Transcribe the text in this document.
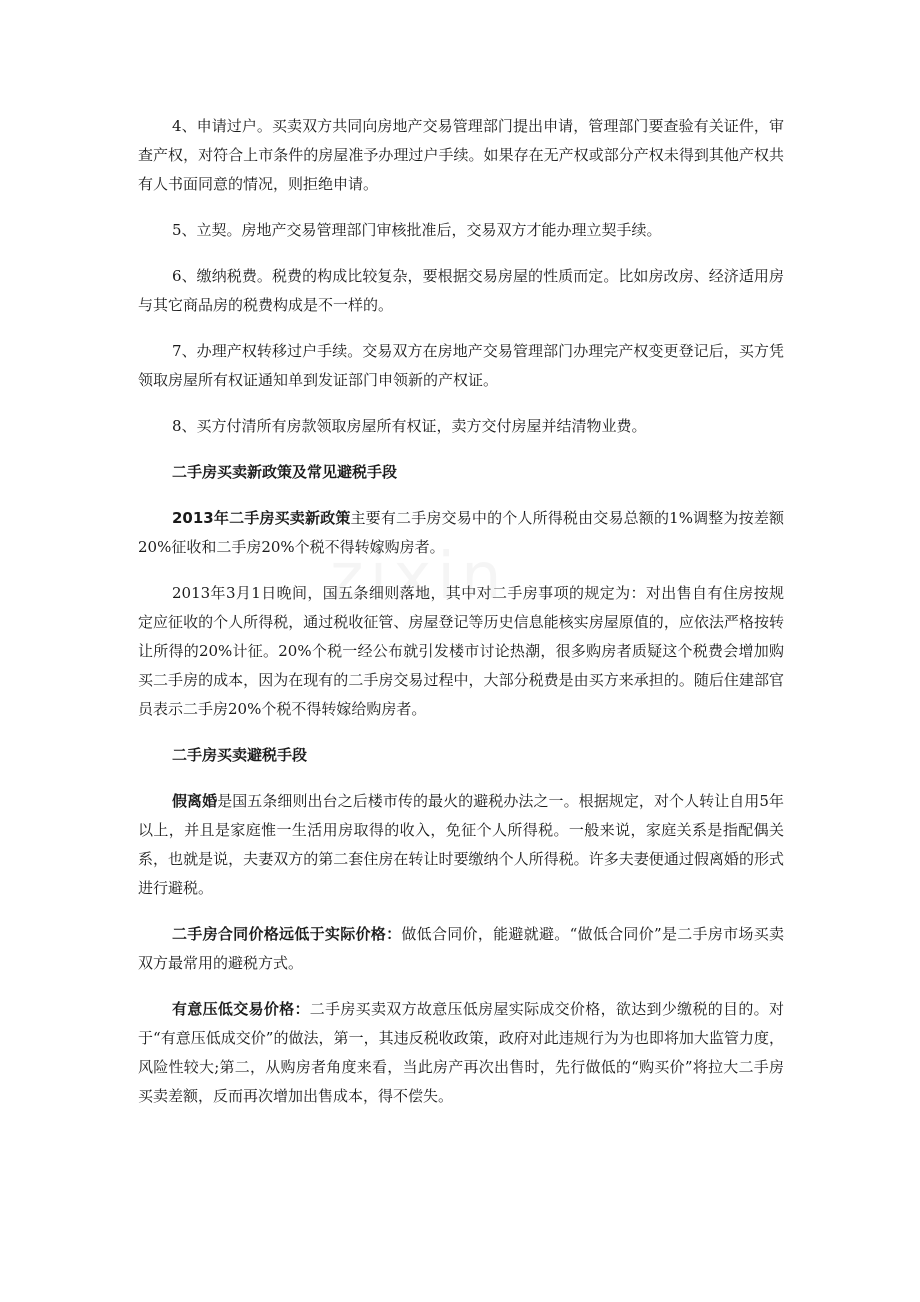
4、申请过户。买卖双方共同向房地产交易管理部门提出申请，管理部门要查验有关证件，审查产权，对符合上市条件的房屋准予办理过户手续。如果存在无产权或部分产权未得到其他产权共有人书面同意的情况，则拒绝申请。

5、立契。房地产交易管理部门审核批准后，交易双方才能办理立契手续。

6、缴纳税费。税费的构成比较复杂，要根据交易房屋的性质而定。比如房改房、经济适用房与其它商品房的税费构成是不一样的。

7、办理产权转移过户手续。交易双方在房地产交易管理部门办理完产权变更登记后，买方凭领取房屋所有权证通知单到发证部门申领新的产权证。

8、买方付清所有房款领取房屋所有权证，卖方交付房屋并结清物业费。

二手房买卖新政策及常见避税手段

2013年二手房买卖新政策主要有二手房交易中的个人所得税由交易总额的1%调整为按差额20%征收和二手房20%个税不得转嫁购房者。

2013年3月1日晚间，国五条细则落地，其中对二手房事项的规定为：对出售自有住房按规定应征收的个人所得税，通过税收征管、房屋登记等历史信息能核实房屋原值的，应依法严格按转让所得的20%计征。20%个税一经公布就引发楼市讨论热潮，很多购房者质疑这个税费会增加购买二手房的成本，因为在现有的二手房交易过程中，大部分税费是由买方来承担的。随后住建部官员表示二手房20%个税不得转嫁给购房者。

二手房买卖避税手段

假离婚是国五条细则出台之后楼市传的最火的避税办法之一。根据规定，对个人转让自用5年以上，并且是家庭惟一生活用房取得的收入，免征个人所得税。一般来说，家庭关系是指配偶关系，也就是说，夫妻双方的第二套住房在转让时要缴纳个人所得税。许多夫妻便通过假离婚的形式进行避税。

二手房合同价格远低于实际价格：做低合同价，能避就避。“做低合同价”是二手房市场买卖双方最常用的避税方式。

有意压低交易价格：二手房买卖双方故意压低房屋实际成交价格，欲达到少缴税的目的。对于“有意压低成交价”的做法，第一，其违反税收政策，政府对此违规行为为也即将加大监管力度，风险性较大;第二，从购房者角度来看，当此房产再次出售时，先行做低的“购买价”将拉大二手房买卖差额，反而再次增加出售成本，得不偿失。
